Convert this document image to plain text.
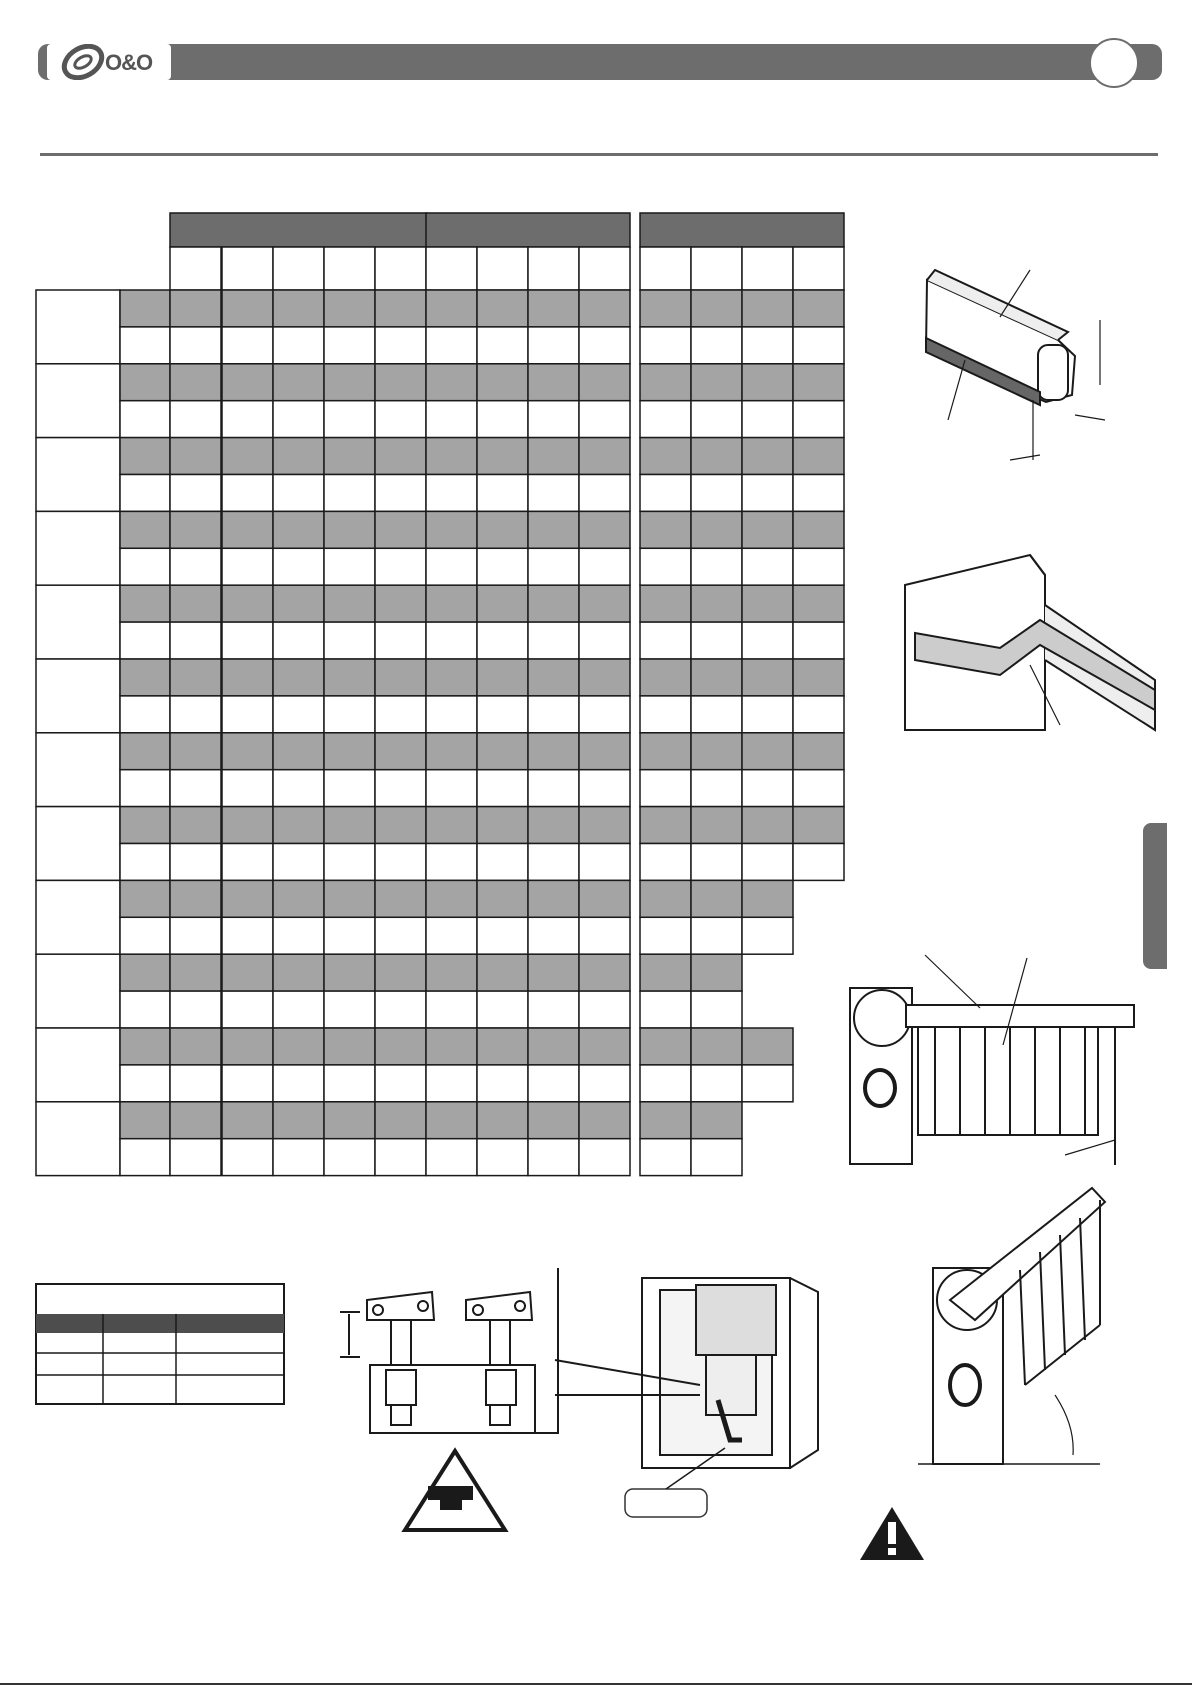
O&O
